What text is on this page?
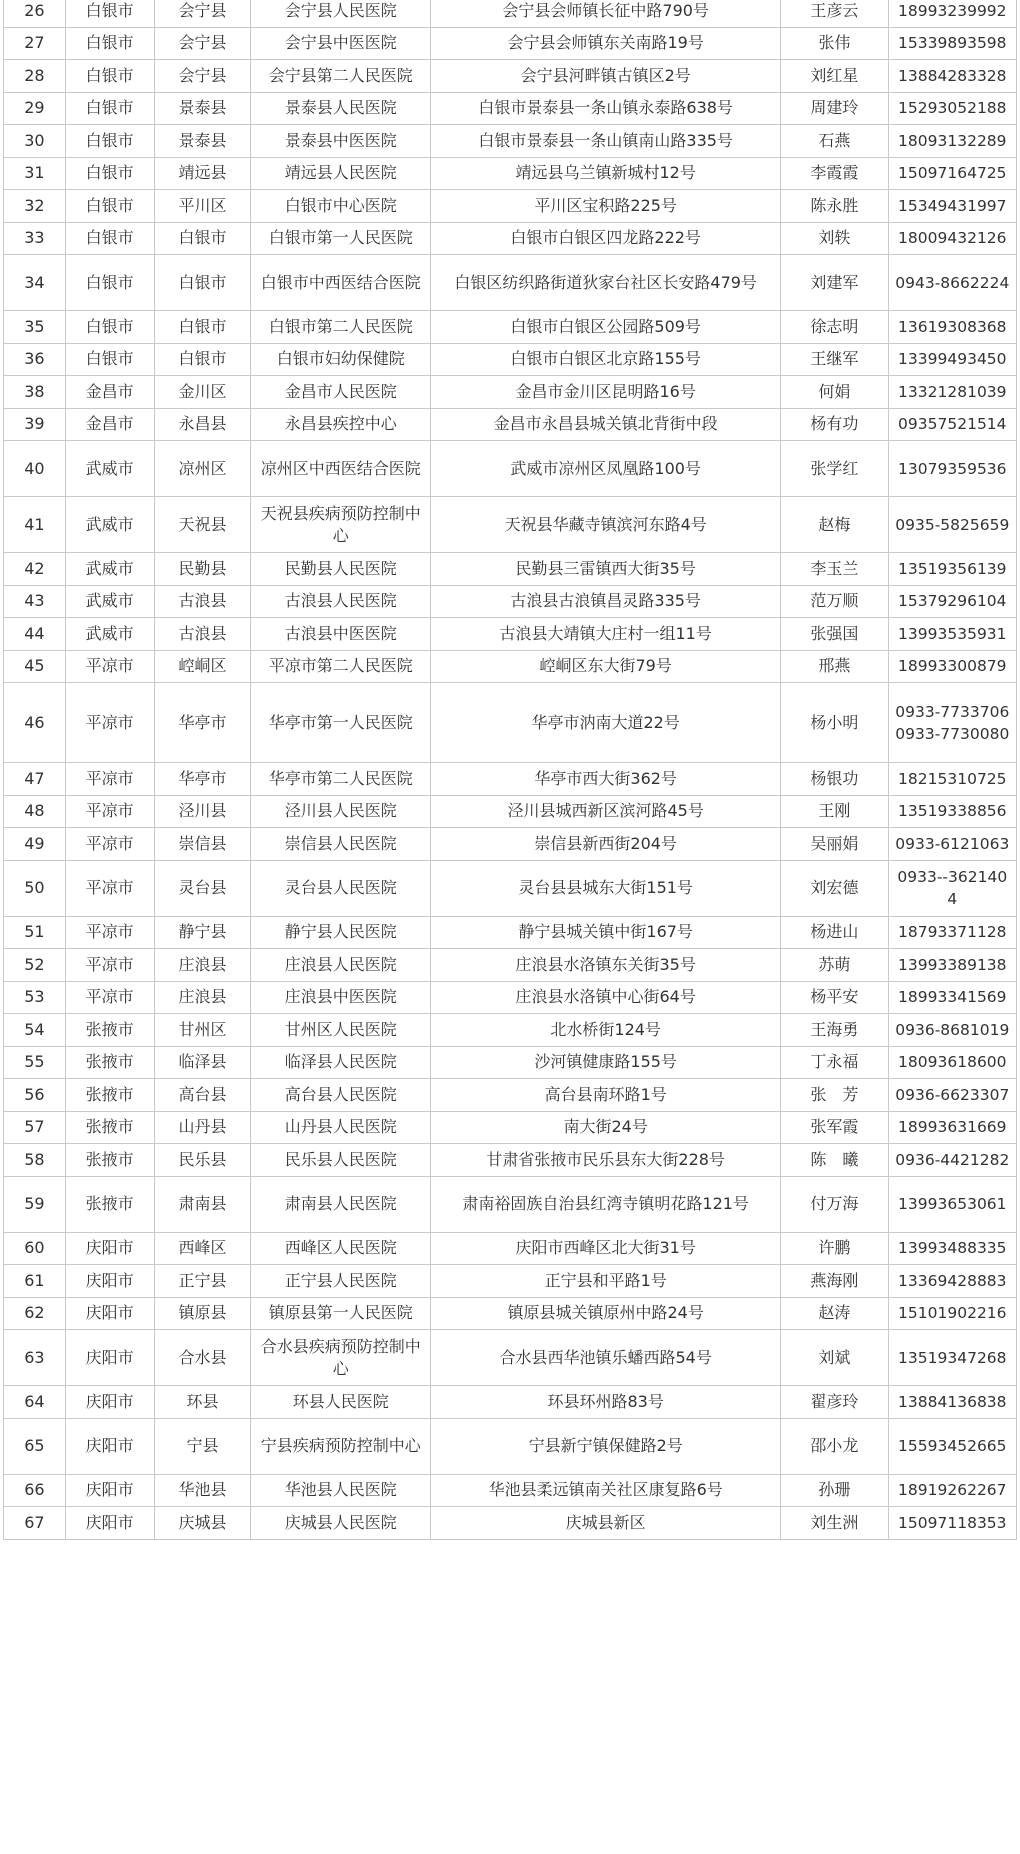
26	白银市	会宁县	会宁县人民医院	会宁县会师镇长征中路790号	王彦云	18993239992
27	白银市	会宁县	会宁县中医医院	会宁县会师镇东关南路19号	张伟	15339893598
28	白银市	会宁县	会宁县第二人民医院	会宁县河畔镇古镇区2号	刘红星	13884283328
29	白银市	景泰县	景泰县人民医院	白银市景泰县一条山镇永泰路638号	周建玲	15293052188
30	白银市	景泰县	景泰县中医医院	白银市景泰县一条山镇南山路335号	石燕	18093132289
31	白银市	靖远县	靖远县人民医院	靖远县乌兰镇新城村12号	李霞霞	15097164725
32	白银市	平川区	白银市中心医院	平川区宝积路225号	陈永胜	15349431997
33	白银市	白银市	白银市第一人民医院	白银市白银区四龙路222号	刘轶	18009432126
34	白银市	白银市	白银市中西医结合医院	白银区纺织路街道狄家台社区长安路479号	刘建军	0943-8662224
35	白银市	白银市	白银市第二人民医院	白银市白银区公园路509号	徐志明	13619308368
36	白银市	白银市	白银市妇幼保健院	白银市白银区北京路155号	王继军	13399493450
38	金昌市	金川区	金昌市人民医院	金昌市金川区昆明路16号	何娟	13321281039
39	金昌市	永昌县	永昌县疾控中心	金昌市永昌县城关镇北背街中段	杨有功	09357521514
40	武威市	凉州区	凉州区中西医结合医院	武威市凉州区凤凰路100号	张学红	13079359536
41	武威市	天祝县	天祝县疾病预防控制中心	天祝县华藏寺镇滨河东路4号	赵梅	0935-5825659
42	武威市	民勤县	民勤县人民医院	民勤县三雷镇西大街35号	李玉兰	13519356139
43	武威市	古浪县	古浪县人民医院	古浪县古浪镇昌灵路335号	范万顺	15379296104
44	武威市	古浪县	古浪县中医医院	古浪县大靖镇大庄村一组11号	张强国	13993535931
45	平凉市	崆峒区	平凉市第二人民医院	崆峒区东大街79号	邢燕	18993300879
46	平凉市	华亭市	华亭市第一人民医院	华亭市汭南大道22号	杨小明	0933-7733706 0933-7730080
47	平凉市	华亭市	华亭市第二人民医院	华亭市西大街362号	杨银功	18215310725
48	平凉市	泾川县	泾川县人民医院	泾川县城西新区滨河路45号	王刚	13519338856
49	平凉市	崇信县	崇信县人民医院	崇信县新西街204号	吴丽娟	0933-6121063
50	平凉市	灵台县	灵台县人民医院	灵台县县城东大街151号	刘宏德	0933--3621404
51	平凉市	静宁县	静宁县人民医院	静宁县城关镇中街167号	杨进山	18793371128
52	平凉市	庄浪县	庄浪县人民医院	庄浪县水洛镇东关街35号	苏萌	13993389138
53	平凉市	庄浪县	庄浪县中医医院	庄浪县水洛镇中心街64号	杨平安	18993341569
54	张掖市	甘州区	甘州区人民医院	北水桥街124号	王海勇	0936-8681019
55	张掖市	临泽县	临泽县人民医院	沙河镇健康路155号	丁永福	18093618600
56	张掖市	高台县	高台县人民医院	高台县南环路1号	张　芳	0936-6623307
57	张掖市	山丹县	山丹县人民医院	南大街24号	张军霞	18993631669
58	张掖市	民乐县	民乐县人民医院	甘肃省张掖市民乐县东大街228号	陈　曦	0936-4421282
59	张掖市	肃南县	肃南县人民医院	肃南裕固族自治县红湾寺镇明花路121号	付万海	13993653061
60	庆阳市	西峰区	西峰区人民医院	庆阳市西峰区北大街31号	许鹏	13993488335
61	庆阳市	正宁县	正宁县人民医院	正宁县和平路1号	燕海刚	13369428883
62	庆阳市	镇原县	镇原县第一人民医院	镇原县城关镇原州中路24号	赵涛	15101902216
63	庆阳市	合水县	合水县疾病预防控制中心	合水县西华池镇乐蟠西路54号	刘斌	13519347268
64	庆阳市	环县	环县人民医院	环县环州路83号	翟彦玲	13884136838
65	庆阳市	宁县	宁县疾病预防控制中心	宁县新宁镇保健路2号	邵小龙	15593452665
66	庆阳市	华池县	华池县人民医院	华池县柔远镇南关社区康复路6号	孙珊	18919262267
67	庆阳市	庆城县	庆城县人民医院	庆城县新区	刘生洲	15097118353
